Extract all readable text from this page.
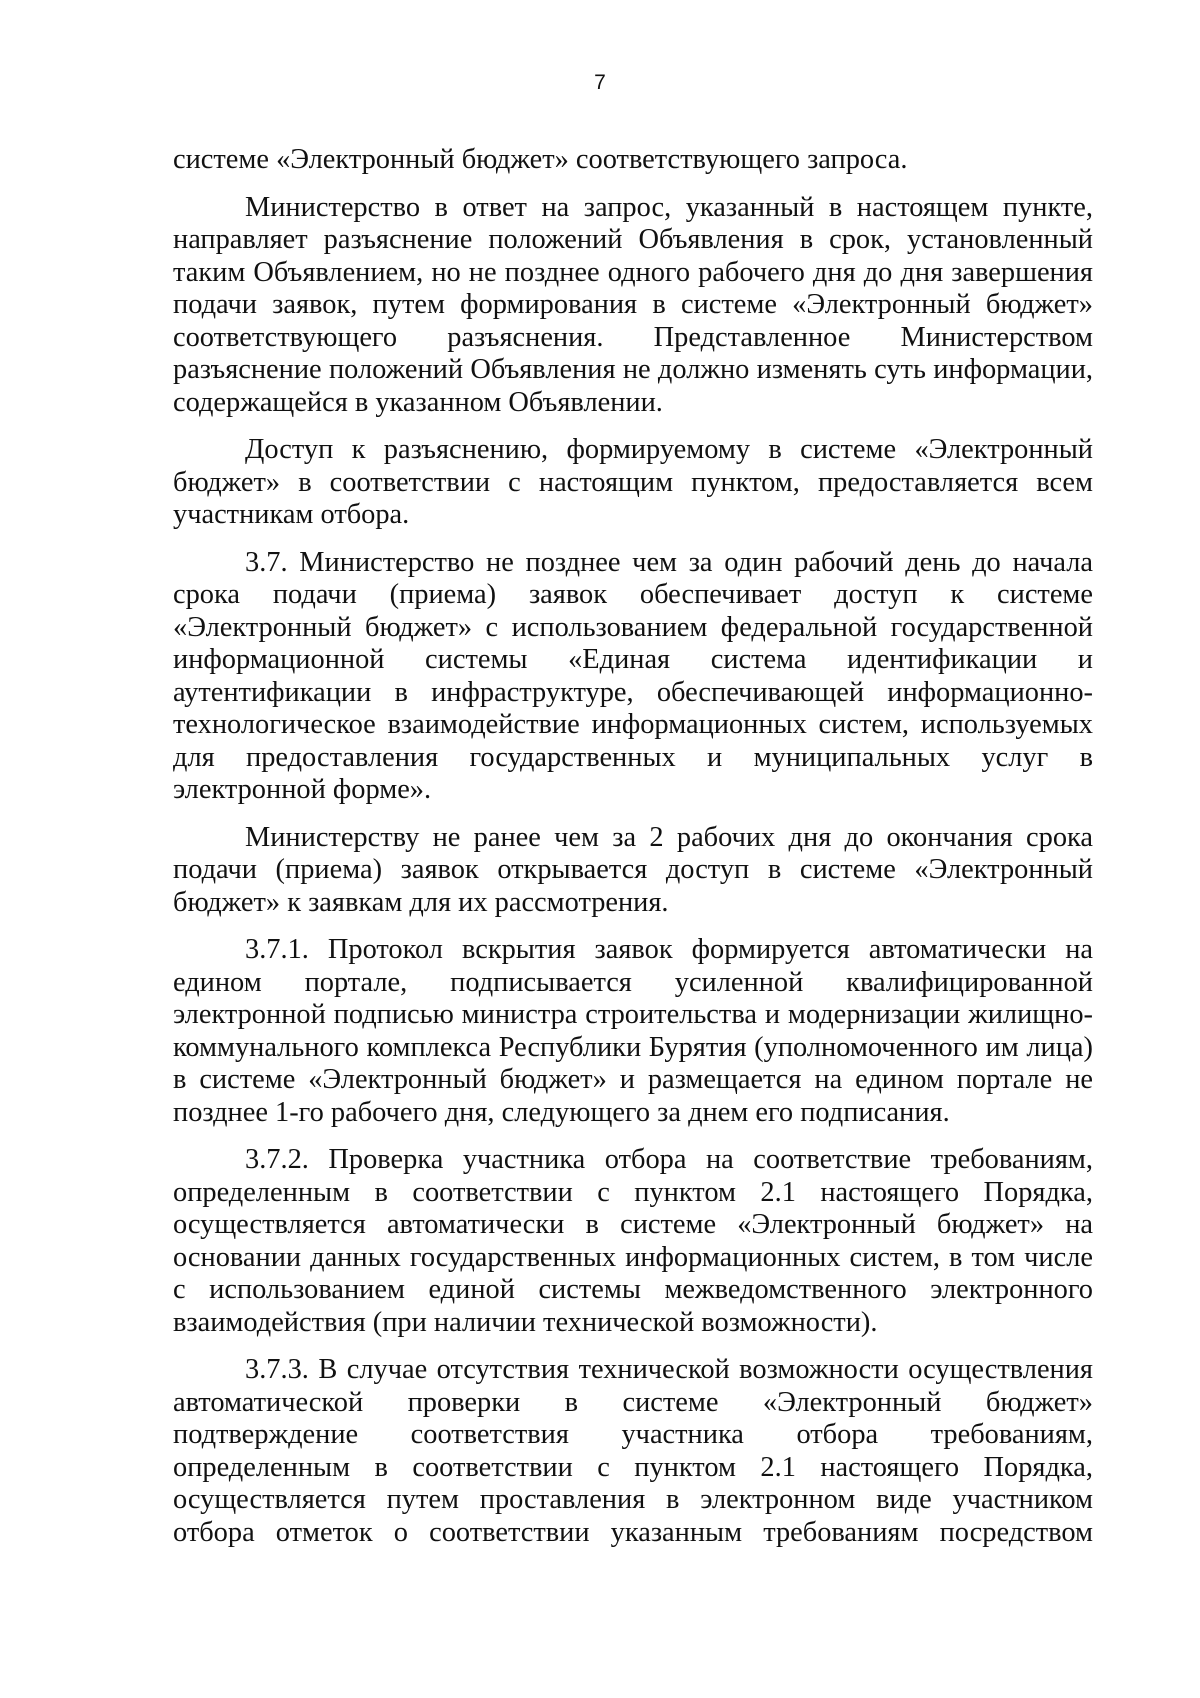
7

системе «Электронный бюджет» соответствующего запроса.

Министерство в ответ на запрос, указанный в настоящем пункте, направляет разъяснение положений Объявления в срок, установленный таким Объявлением, но не позднее одного рабочего дня до дня завершения подачи заявок, путем формирования в системе «Электронный бюджет» соответствующего разъяснения. Представленное Министерством разъяснение положений Объявления не должно изменять суть информации, содержащейся в указанном Объявлении.

Доступ к разъяснению, формируемому в системе «Электронный бюджет» в соответствии с настоящим пунктом, предоставляется всем участникам отбора.

3.7. Министерство не позднее чем за один рабочий день до начала срока подачи (приема) заявок обеспечивает доступ к системе «Электронный бюджет» с использованием федеральной государственной информационной системы «Единая система идентификации и аутентификации в инфраструктуре, обеспечивающей информационно-технологическое взаимодействие информационных систем, используемых для предоставления государственных и муниципальных услуг в электронной форме».

Министерству не ранее чем за 2 рабочих дня до окончания срока подачи (приема) заявок открывается доступ в системе «Электронный бюджет» к заявкам для их рассмотрения.

3.7.1. Протокол вскрытия заявок формируется автоматически на едином портале, подписывается усиленной квалифицированной электронной подписью министра строительства и модернизации жилищно-коммунального комплекса Республики Бурятия (уполномоченного им лица) в системе «Электронный бюджет» и размещается на едином портале не позднее 1-го рабочего дня, следующего за днем его подписания.

3.7.2. Проверка участника отбора на соответствие требованиям, определенным в соответствии с пунктом 2.1 настоящего Порядка, осуществляется автоматически в системе «Электронный бюджет» на основании данных государственных информационных систем, в том числе с использованием единой системы межведомственного электронного взаимодействия (при наличии технической возможности).

3.7.3. В случае отсутствия технической возможности осуществления автоматической проверки в системе «Электронный бюджет» подтверждение соответствия участника отбора требованиям, определенным в соответствии с пунктом 2.1 настоящего Порядка, осуществляется путем проставления в электронном виде участником отбора отметок о соответствии указанным требованиям посредством
